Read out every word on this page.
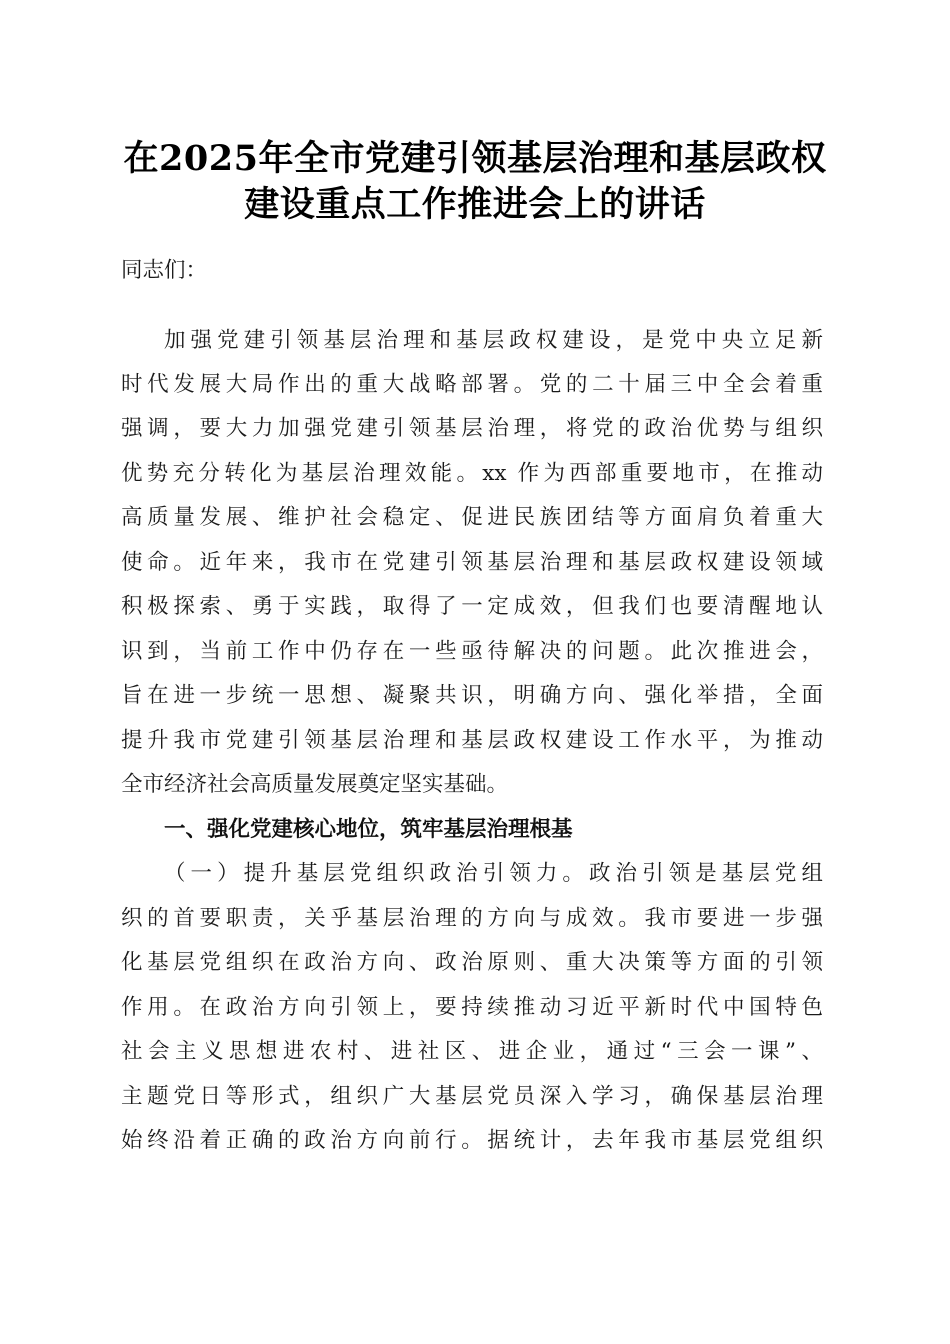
在2025年全市党建引领基层治理和基层政权
建设重点工作推进会上的讲话
同志们：
加强党建引领基层治理和基层政权建设，是党中央立足新
时代发展大局作出的重大战略部署。党的二十届三中全会着重
强调，要大力加强党建引领基层治理，将党的政治优势与组织
优势充分转化为基层治理效能。xx 作为西部重要地市，在推动
高质量发展、维护社会稳定、促进民族团结等方面肩负着重大
使命。近年来，我市在党建引领基层治理和基层政权建设领域
积极探索、勇于实践，取得了一定成效，但我们也要清醒地认
识到，当前工作中仍存在一些亟待解决的问题。此次推进会，
旨在进一步统一思想、凝聚共识，明确方向、强化举措，全面
提升我市党建引领基层治理和基层政权建设工作水平，为推动
全市经济社会高质量发展奠定坚实基础。
一、强化党建核心地位，筑牢基层治理根基
（一）提升基层党组织政治引领力。政治引领是基层党组
织的首要职责，关乎基层治理的方向与成效。我市要进一步强
化基层党组织在政治方向、政治原则、重大决策等方面的引领
作用。在政治方向引领上，要持续推动习近平新时代中国特色
社会主义思想进农村、进社区、进企业，通过“三会一课”、
主题党日等形式，组织广大基层党员深入学习，确保基层治理
始终沿着正确的政治方向前行。据统计，去年我市基层党组织
